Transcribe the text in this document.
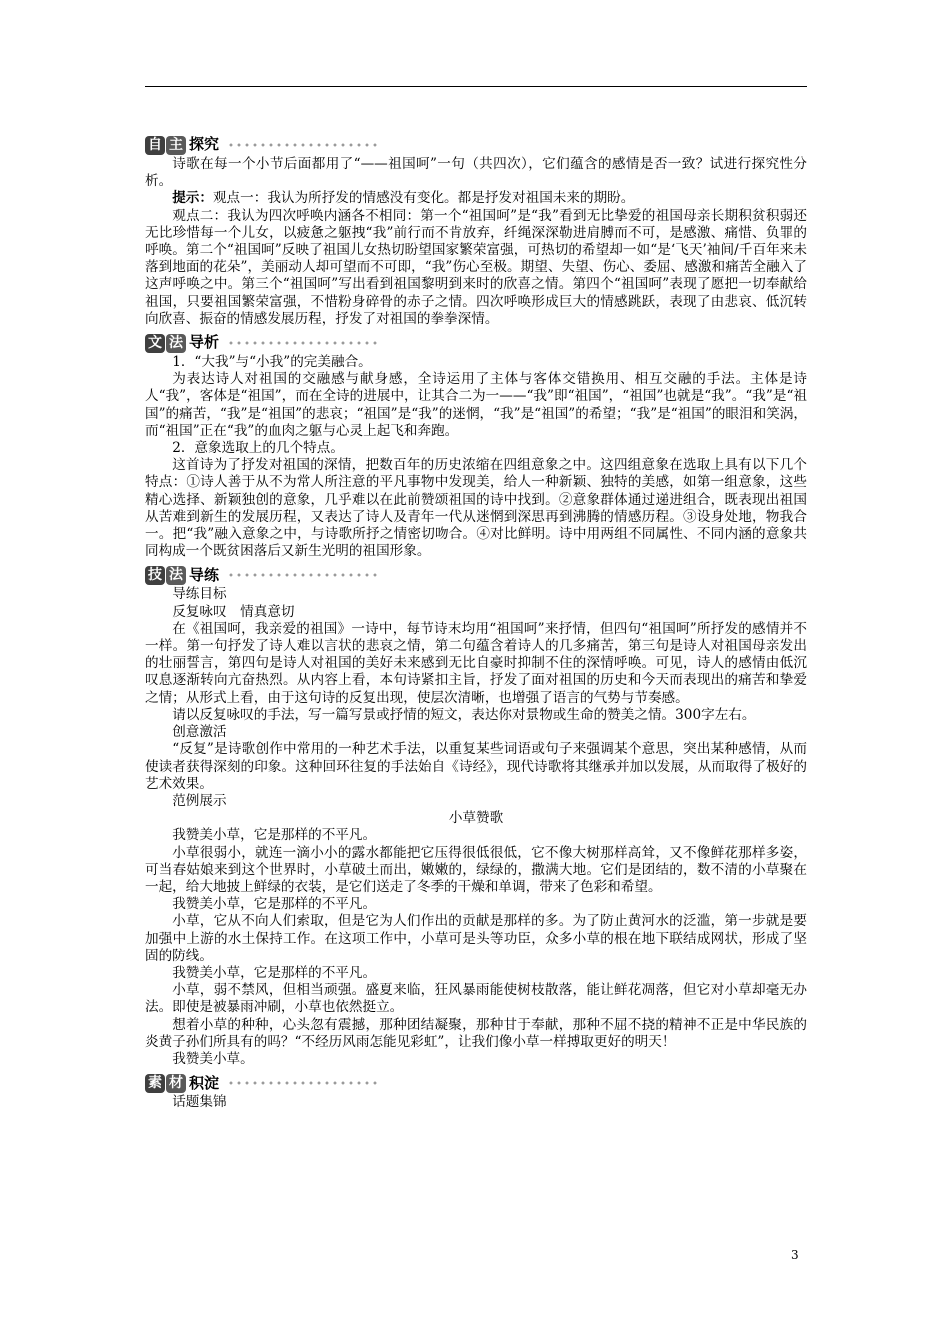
自 主 探究

诗歌在每一个小节后面都用了“——祖国呵”一句（共四次），它们蕴含的感情是否一致？试进行探究性分析。

提示：观点一：我认为所抒发的情感没有变化。都是抒发对祖国未来的期盼。

观点二：我认为四次呼唤内涵各不相同：第一个“祖国呵”是“我”看到无比挚爱的祖国母亲长期积贫积弱还无比珍惜每一个儿女，以疲惫之躯拽“我”前行而不肯放弃，纤绳深深勒进肩膊而不可，是感激、痛惜、负罪的呼唤。第二个“祖国呵”反映了祖国儿女热切盼望国家繁荣富强，可热切的希望却一如“是‘飞天’袖间/千百年来未落到地面的花朵”，美丽动人却可望而不可即，“我”伤心至极。期望、失望、伤心、委屈、感激和痛苦全融入了这声呼唤之中。第三个“祖国呵”写出看到祖国黎明到来时的欣喜之情。第四个“祖国呵”表现了愿把一切奉献给祖国，只要祖国繁荣富强，不惜粉身碎骨的赤子之情。四次呼唤形成巨大的情感跳跃，表现了由悲哀、低沉转向欣喜、振奋的情感发展历程，抒发了对祖国的拳拳深情。

文 法 导析

1．“大我”与“小我”的完美融合。

为表达诗人对祖国的交融感与献身感，全诗运用了主体与客体交错换用、相互交融的手法。主体是诗人“我”，客体是“祖国”，而在全诗的进展中，让其合二为一——“我”即“祖国”，“祖国”也就是“我”。“我”是“祖国”的痛苦，“我”是“祖国”的悲哀；“祖国”是“我”的迷惘，“我”是“祖国”的希望；“我”是“祖国”的眼泪和笑涡，而“祖国”正在“我”的血肉之躯与心灵上起飞和奔跑。

2．意象选取上的几个特点。

这首诗为了抒发对祖国的深情，把数百年的历史浓缩在四组意象之中。这四组意象在选取上具有以下几个特点：①诗人善于从不为常人所注意的平凡事物中发现美，给人一种新颖、独特的美感，如第一组意象，这些精心选择、新颖独创的意象，几乎难以在此前赞颂祖国的诗中找到。②意象群体通过递进组合，既表现出祖国从苦难到新生的发展历程，又表达了诗人及青年一代从迷惘到深思再到沸腾的情感历程。③设身处地，物我合一。把“我”融入意象之中，与诗歌所抒之情密切吻合。④对比鲜明。诗中用两组不同属性、不同内涵的意象共同构成一个既贫困落后又新生光明的祖国形象。

技 法 导练

导练目标

反复咏叹　情真意切

在《祖国呵，我亲爱的祖国》一诗中，每节诗末均用“祖国呵”来抒情，但四句“祖国呵”所抒发的感情并不一样。第一句抒发了诗人难以言状的悲哀之情，第二句蕴含着诗人的几多痛苦，第三句是诗人对祖国母亲发出的壮丽誓言，第四句是诗人对祖国的美好未来感到无比自豪时抑制不住的深情呼唤。可见，诗人的感情由低沉叹息逐渐转向亢奋热烈。从内容上看，本句诗紧扣主旨，抒发了面对祖国的历史和今天而表现出的痛苦和挚爱之情；从形式上看，由于这句诗的反复出现，使层次清晰，也增强了语言的气势与节奏感。

请以反复咏叹的手法，写一篇写景或抒情的短文，表达你对景物或生命的赞美之情。300字左右。

创意激活

“反复”是诗歌创作中常用的一种艺术手法，以重复某些词语或句子来强调某个意思，突出某种感情，从而使读者获得深刻的印象。这种回环往复的手法始自《诗经》，现代诗歌将其继承并加以发展，从而取得了极好的艺术效果。

范例展示

小草赞歌

我赞美小草，它是那样的不平凡。

小草很弱小，就连一滴小小的露水都能把它压得很低很低，它不像大树那样高耸，又不像鲜花那样多姿，可当春姑娘来到这个世界时，小草破土而出，嫩嫩的，绿绿的，撒满大地。它们是团结的，数不清的小草聚在一起，给大地披上鲜绿的衣装，是它们送走了冬季的干燥和单调，带来了色彩和希望。

我赞美小草，它是那样的不平凡。

小草，它从不向人们索取，但是它为人们作出的贡献是那样的多。为了防止黄河水的泛滥，第一步就是要加强中上游的水土保持工作。在这项工作中，小草可是头等功臣，众多小草的根在地下联结成网状，形成了坚固的防线。

我赞美小草，它是那样的不平凡。

小草，弱不禁风，但相当顽强。盛夏来临，狂风暴雨能使树枝散落，能让鲜花凋落，但它对小草却毫无办法。即使是被暴雨冲刷，小草也依然挺立。

想着小草的种种，心头忽有震撼，那种团结凝聚，那种甘于奉献，那种不屈不挠的精神不正是中华民族的炎黄子孙们所具有的吗？“不经历风雨怎能见彩虹”，让我们像小草一样搏取更好的明天！

我赞美小草。

素 材 积淀

话题集锦

3
